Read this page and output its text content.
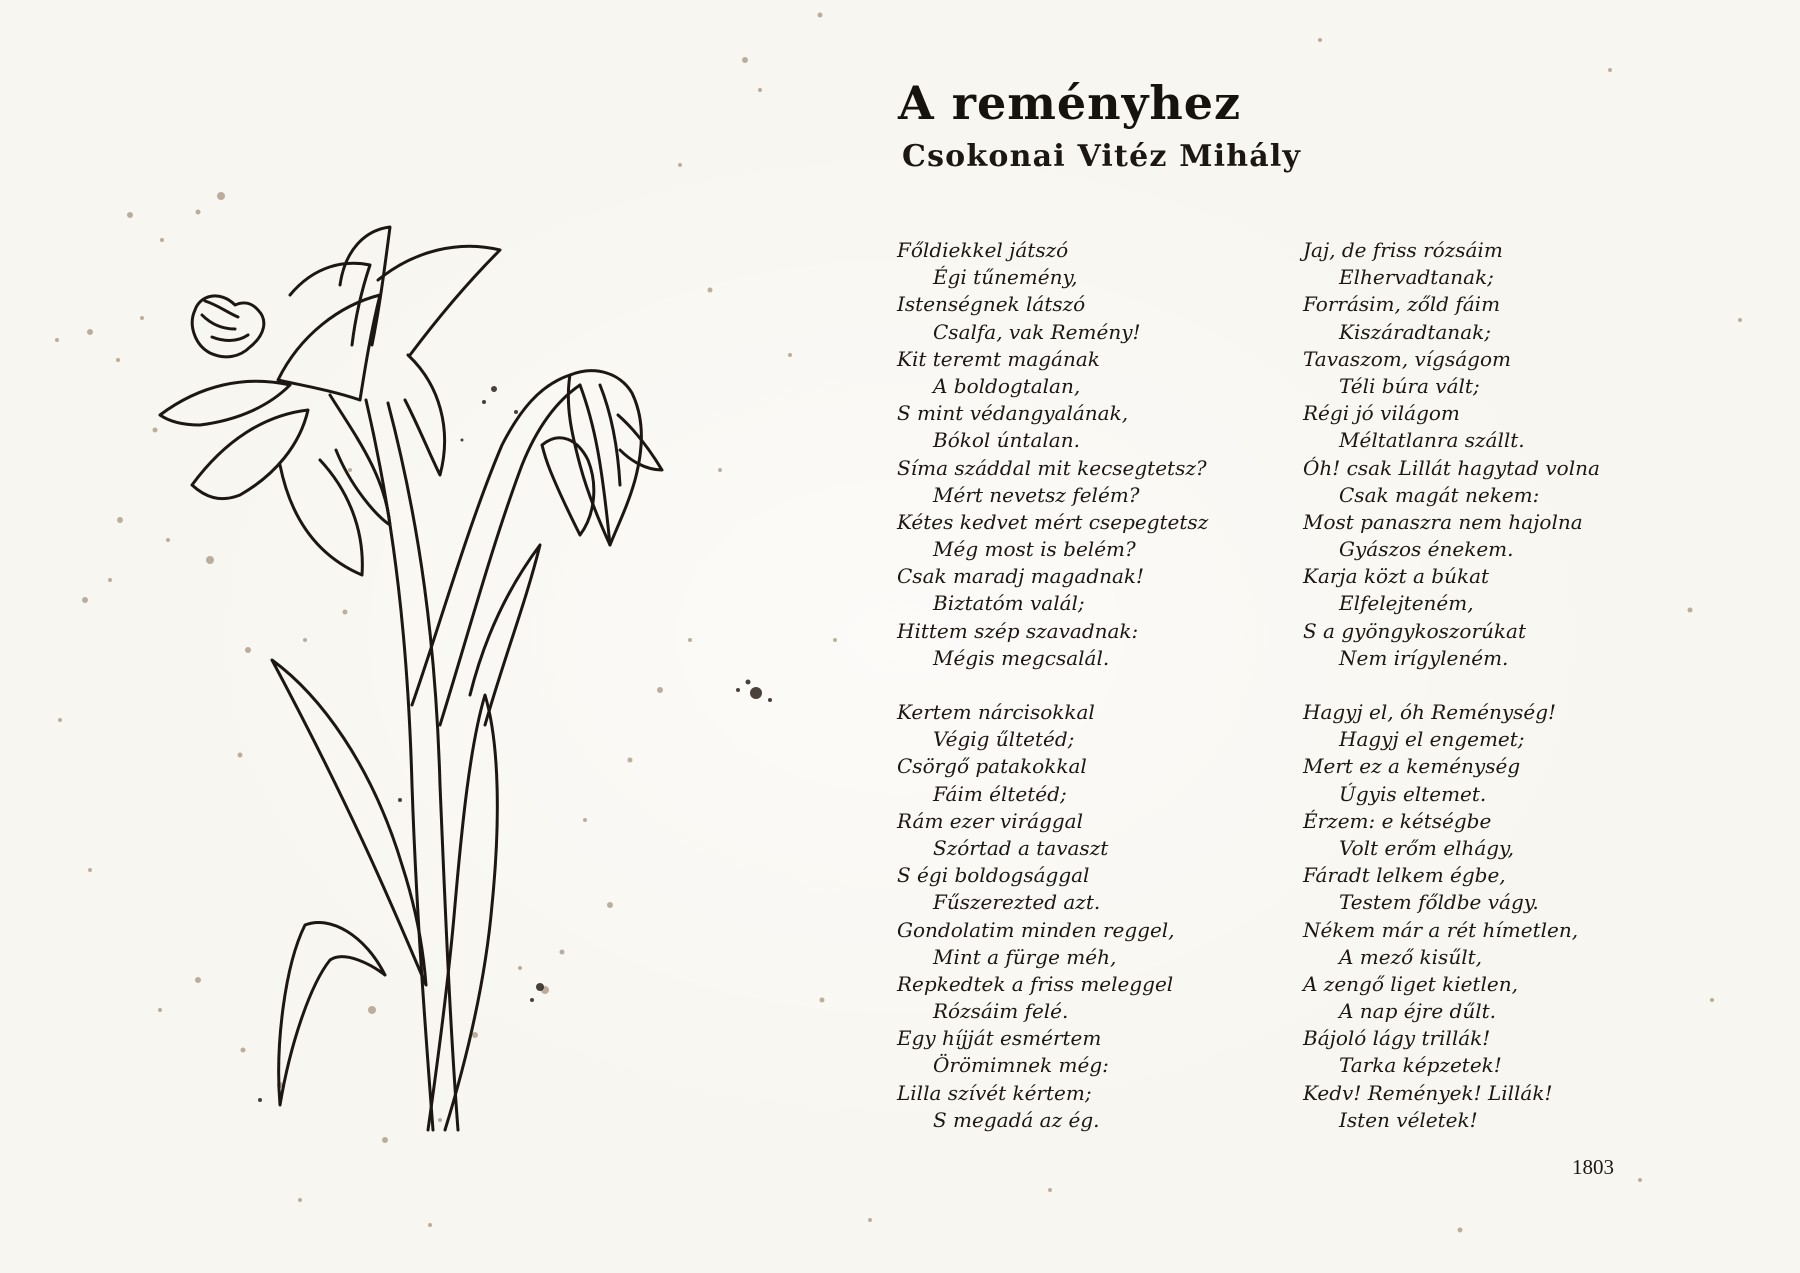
A reményhez
Csokonai Vitéz Mihály
Főldiekkel játszó
Égi tűnemény,
Istenségnek látszó
Csalfa, vak Remény!
Kit teremt magának
A boldogtalan,
S mint védangyalának,
Bókol úntalan.
Síma száddal mit kecsegtetsz?
Mért nevetsz felém?
Kétes kedvet mért csepegtetsz
Még most is belém?
Csak maradj magadnak!
Biztatóm valál;
Hittem szép szavadnak:
Mégis megcsalál.
Kertem nárcisokkal
Végig űltetéd;
Csörgő patakokkal
Fáim éltetéd;
Rám ezer virággal
Szórtad a tavaszt
S égi boldogsággal
Fűszerezted azt.
Gondolatim minden reggel,
Mint a fürge méh,
Repkedtek a friss meleggel
Rózsáim felé.
Egy híjját esmértem
Örömimnek még:
Lilla szívét kértem;
S megadá az ég.
Jaj, de friss rózsáim
Elhervadtanak;
Forrásim, zőld fáim
Kiszáradtanak;
Tavaszom, vígságom
Téli búra vált;
Régi jó világom
Méltatlanra szállt.
Óh! csak Lillát hagytad volna
Csak magát nekem:
Most panaszra nem hajolna
Gyászos énekem.
Karja közt a búkat
Elfelejteném,
S a gyöngykoszorúkat
Nem irígyleném.
Hagyj el, óh Reménység!
Hagyj el engemet;
Mert ez a keménység
Úgyis eltemet.
Érzem: e kétségbe
Volt erőm elhágy,
Fáradt lelkem égbe,
Testem főldbe vágy.
Nékem már a rét hímetlen,
A mező kisűlt,
A zengő liget kietlen,
A nap éjre dűlt.
Bájoló lágy trillák!
Tarka képzetek!
Kedv! Remények! Lillák!
Isten véletek!
1803
